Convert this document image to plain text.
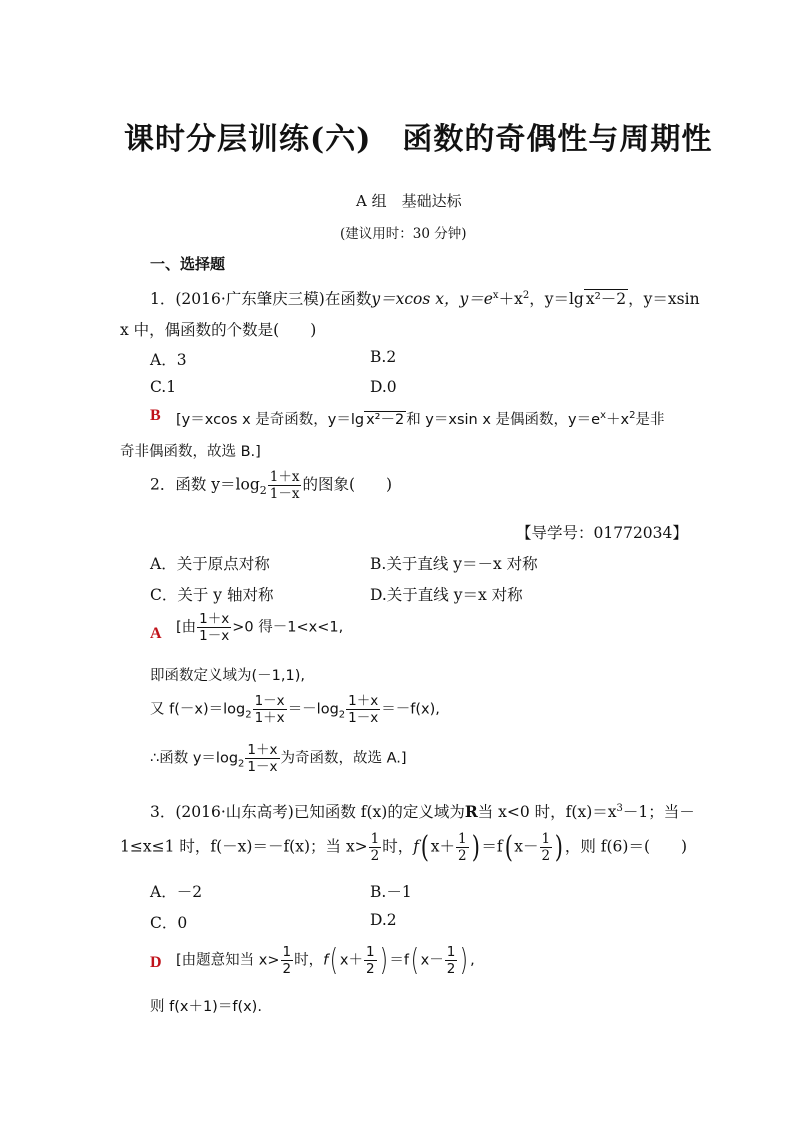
课时分层训练(六)　函数的奇偶性与周期性
A 组　基础达标
(建议用时：30 分钟)
一、选择题
1．(2016·广东肇庆三模)在函数y＝xcos x，$y=e^x+x^2$，y＝lg x²－2 ，y＝xsin
x 中，偶函数的个数是(　　)
A．3	B.2
C.1	D.0
B [y＝xcos x 是奇函数，y＝lg x²－2 和 y＝xsin x 是偶函数，$y=e^x+x^2$是非
奇非偶函数，故选 B.]
2．函数 $y=\log_2 \frac{1+x}{1-x}$ 的图象(　　)
【导学号：01772034】
A．关于原点对称	B.关于直线 y＝－x 对称
C．关于 y 轴对称	D.关于直线 y＝x 对称
A [由 $\frac{1+x}{1-x} >0$ 得－1<x<1,
即函数定义域为(－1,1),
又 $f(-x)=\log_2 \frac{1-x}{1+x} =-\log_2 \frac{1+x}{1-x} =-f(x)$,
∴函数 $y=\log_2 \frac{1+x}{1-x}$ 为奇函数，故选 A.]
3．(2016·山东高考)已知函数 f(x)的定义域为R当 x<0 时，$f(x)=x^3-1$；当－
1≤x≤1 时，f(－x)＝－f(x)；当 $x> \frac{1}{2}$ 时，f( $x+ \frac{1}{2}$ ) ＝f( $x- \frac{1}{2}$ ) ，则 f(6)＝(　　)
A．－2	B.－1
C．0	D.2
D [由题意知当 $x> \frac{1}{2}$ 时，f( $x+ \frac{1}{2}$ ) ＝f( $x- \frac{1}{2}$ ) ,
则 f(x＋1)＝f(x).
